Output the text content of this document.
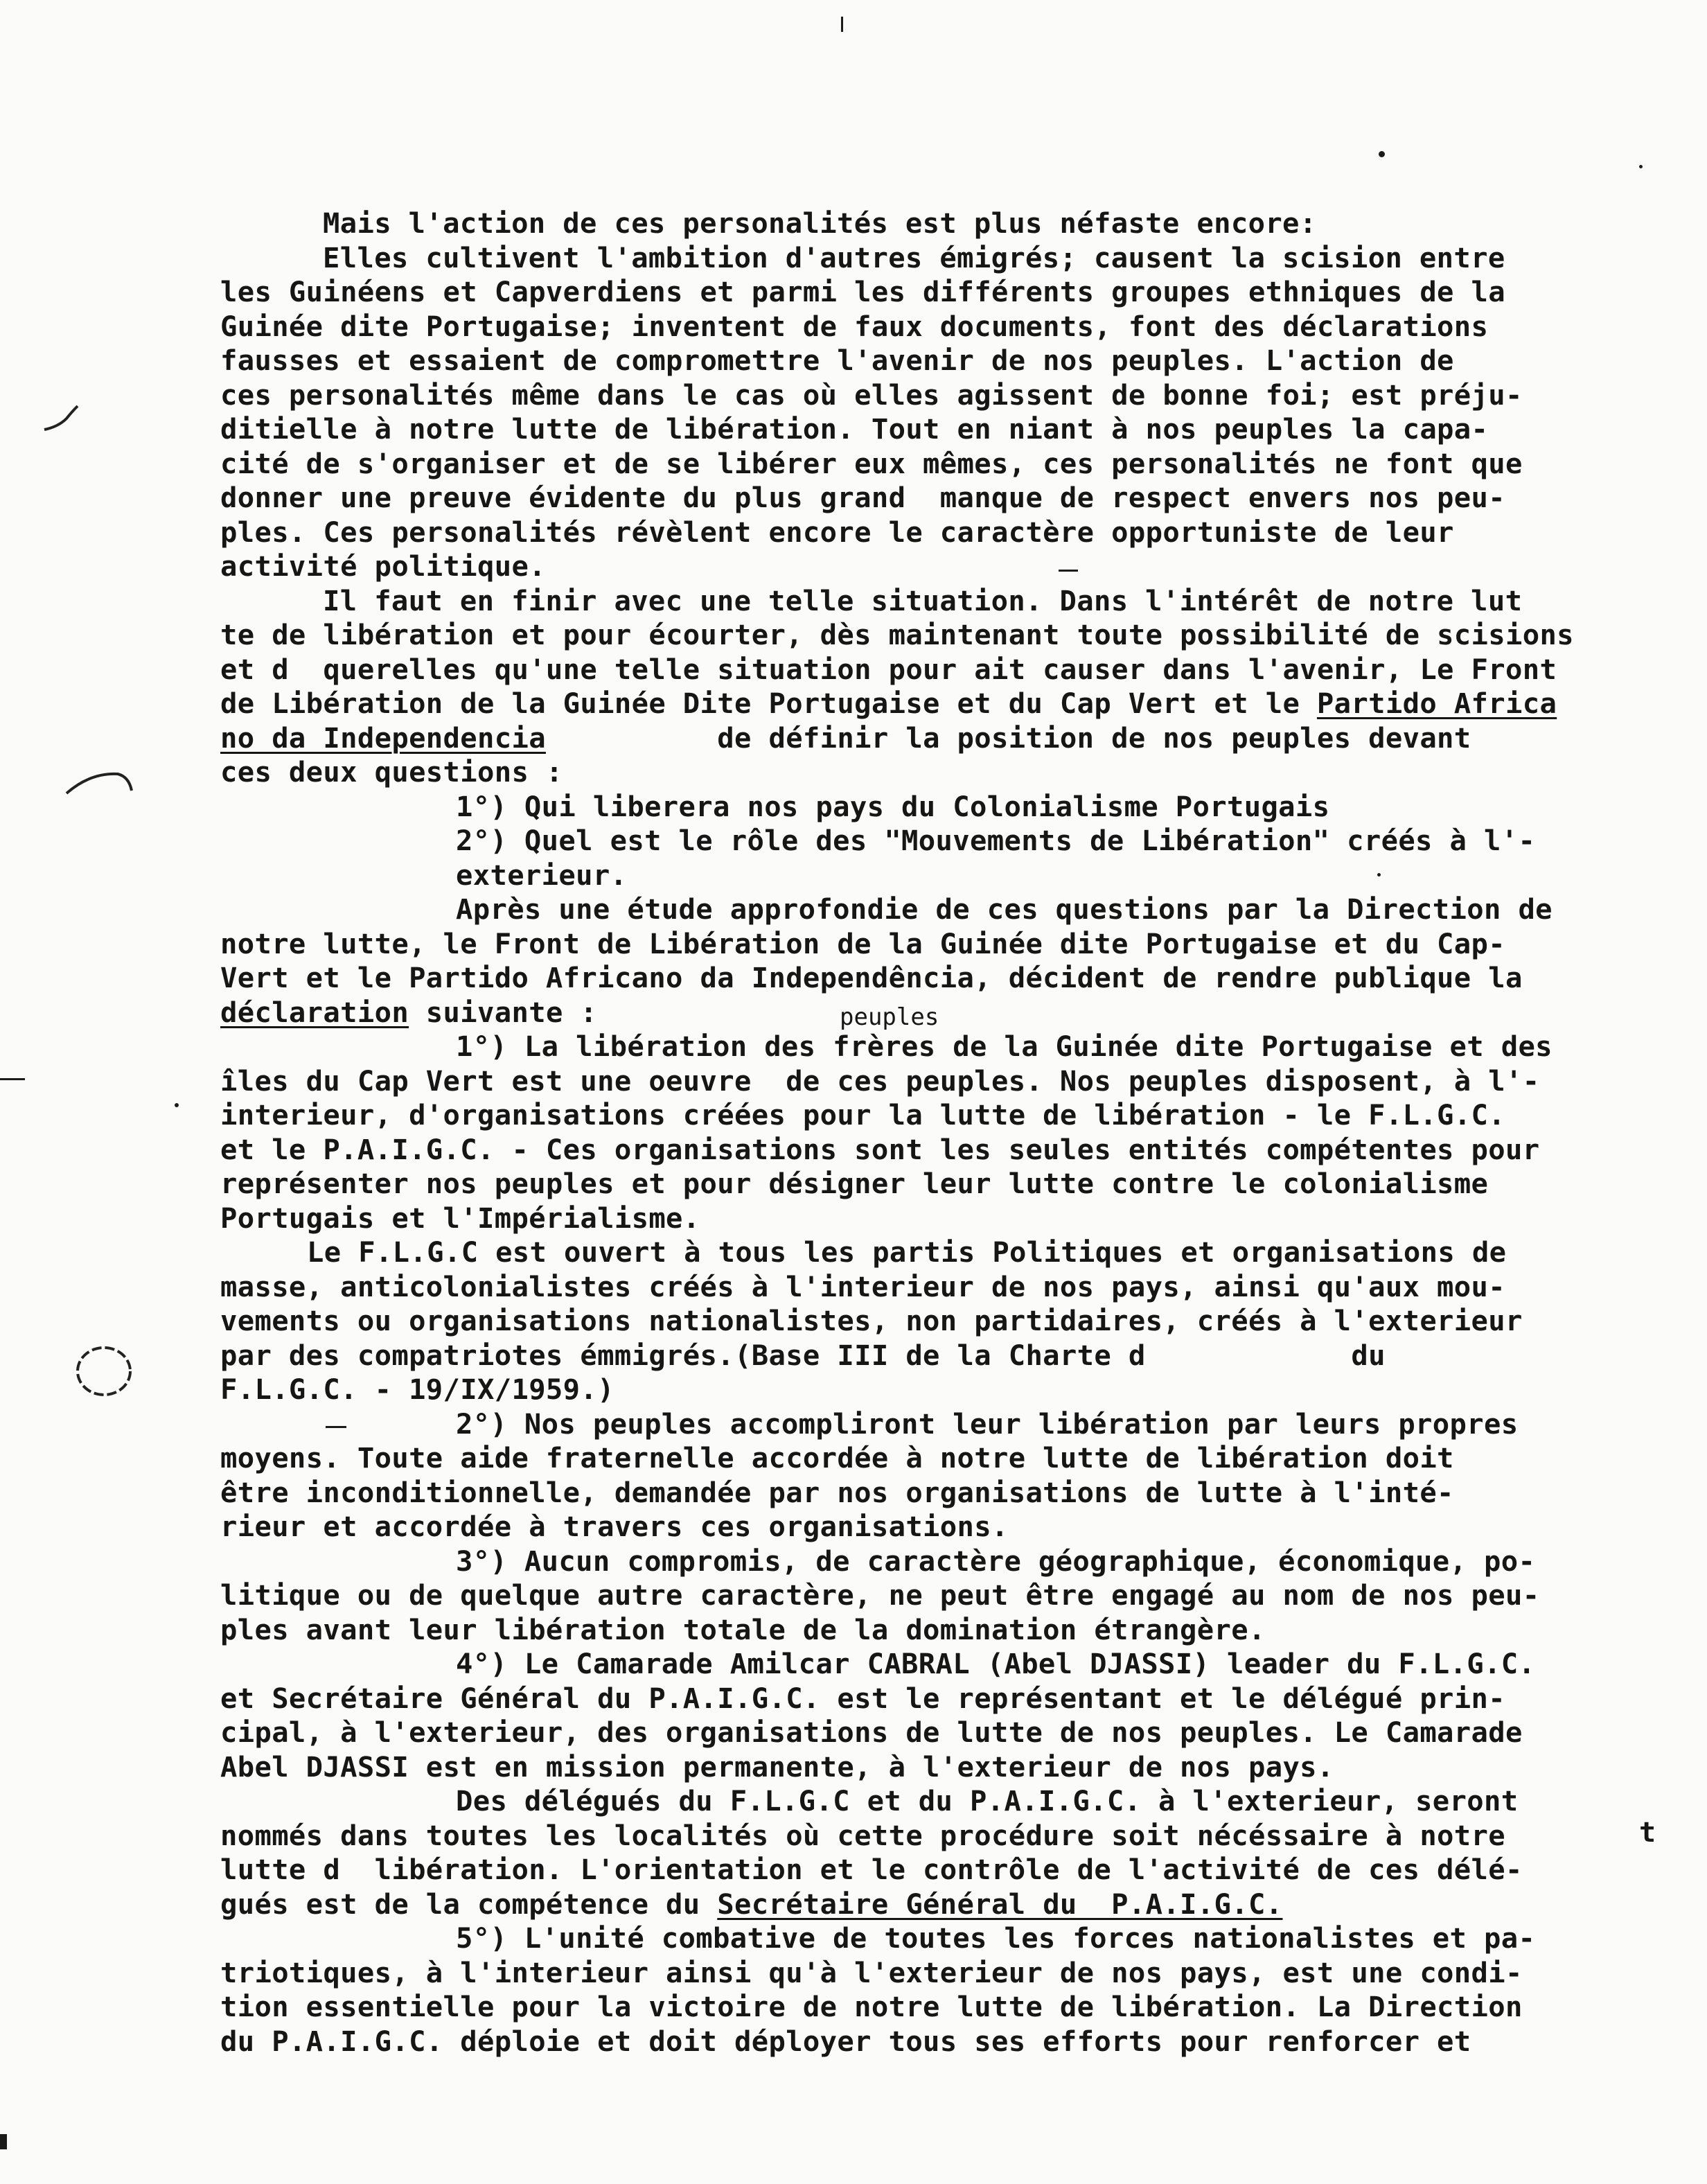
peuples
t
Mais l'action de ces personalités est plus néfaste encore:
Elles cultivent l'ambition d'autres émigrés; causent la scision entre
les Guinéens et Capverdiens et parmi les différents groupes ethniques de la
Guinée dite Portugaise; inventent de faux documents, font des déclarations
fausses et essaient de compromettre l'avenir de nos peuples. L'action de
ces personalités même dans le cas où elles agissent de bonne foi; est préju-
ditielle à notre lutte de libération. Tout en niant à nos peuples la capa-
cité de s'organiser et de se libérer eux mêmes, ces personalités ne font que
donner une preuve évidente du plus grand  manque de respect envers nos peu-
ples. Ces personalités révèlent encore le caractère opportuniste de leur
activité politique.
Il faut en finir avec une telle situation. Dans l'intérêt de notre lut
te de libération et pour écourter, dès maintenant toute possibilité de scisions
et d  querelles qu'une telle situation pour ait causer dans l'avenir, Le Front
de Libération de la Guinée Dite Portugaise et du Cap Vert et le Partido Africa
no da Independencia          de définir la position de nos peuples devant
ces deux questions :
1°) Qui liberera nos pays du Colonialisme Portugais
2°) Quel est le rôle des "Mouvements de Libération" créés à l'-
exterieur.
Après une étude approfondie de ces questions par la Direction de
notre lutte, le Front de Libération de la Guinée dite Portugaise et du Cap-
Vert et le Partido Africano da Independência, décident de rendre publique la
déclaration suivante :
1°) La libération des frères de la Guinée dite Portugaise et des
îles du Cap Vert est une oeuvre  de ces peuples. Nos peuples disposent, à l'-
interieur, d'organisations créées pour la lutte de libération - le F.L.G.C.
et le P.A.I.G.C. - Ces organisations sont les seules entités compétentes pour
représenter nos peuples et pour désigner leur lutte contre le colonialisme
Portugais et l'Impérialisme.
Le F.L.G.C est ouvert à tous les partis Politiques et organisations de
masse, anticolonialistes créés à l'interieur de nos pays, ainsi qu'aux mou-
vements ou organisations nationalistes, non partidaires, créés à l'exterieur
par des compatriotes émmigrés.(Base III de la Charte d            du
F.L.G.C. - 19/IX/1959.)
2°) Nos peuples accompliront leur libération par leurs propres
moyens. Toute aide fraternelle accordée à notre lutte de libération doit
être inconditionnelle, demandée par nos organisations de lutte à l'inté-
rieur et accordée à travers ces organisations.
3°) Aucun compromis, de caractère géographique, économique, po-
litique ou de quelque autre caractère, ne peut être engagé au nom de nos peu-
ples avant leur libération totale de la domination étrangère.
4°) Le Camarade Amilcar CABRAL (Abel DJASSI) leader du F.L.G.C.
et Secrétaire Général du P.A.I.G.C. est le représentant et le délégué prin-
cipal, à l'exterieur, des organisations de lutte de nos peuples. Le Camarade
Abel DJASSI est en mission permanente, à l'exterieur de nos pays.
Des délégués du F.L.G.C et du P.A.I.G.C. à l'exterieur, seront
nommés dans toutes les localités où cette procédure soit nécéssaire à notre
lutte d  libération. L'orientation et le contrôle de l'activité de ces délé-
gués est de la compétence du Secrétaire Général du  P.A.I.G.C.
5°) L'unité combative de toutes les forces nationalistes et pa-
triotiques, à l'interieur ainsi qu'à l'exterieur de nos pays, est une condi-
tion essentielle pour la victoire de notre lutte de libération. La Direction
du P.A.I.G.C. déploie et doit déployer tous ses efforts pour renforcer et
